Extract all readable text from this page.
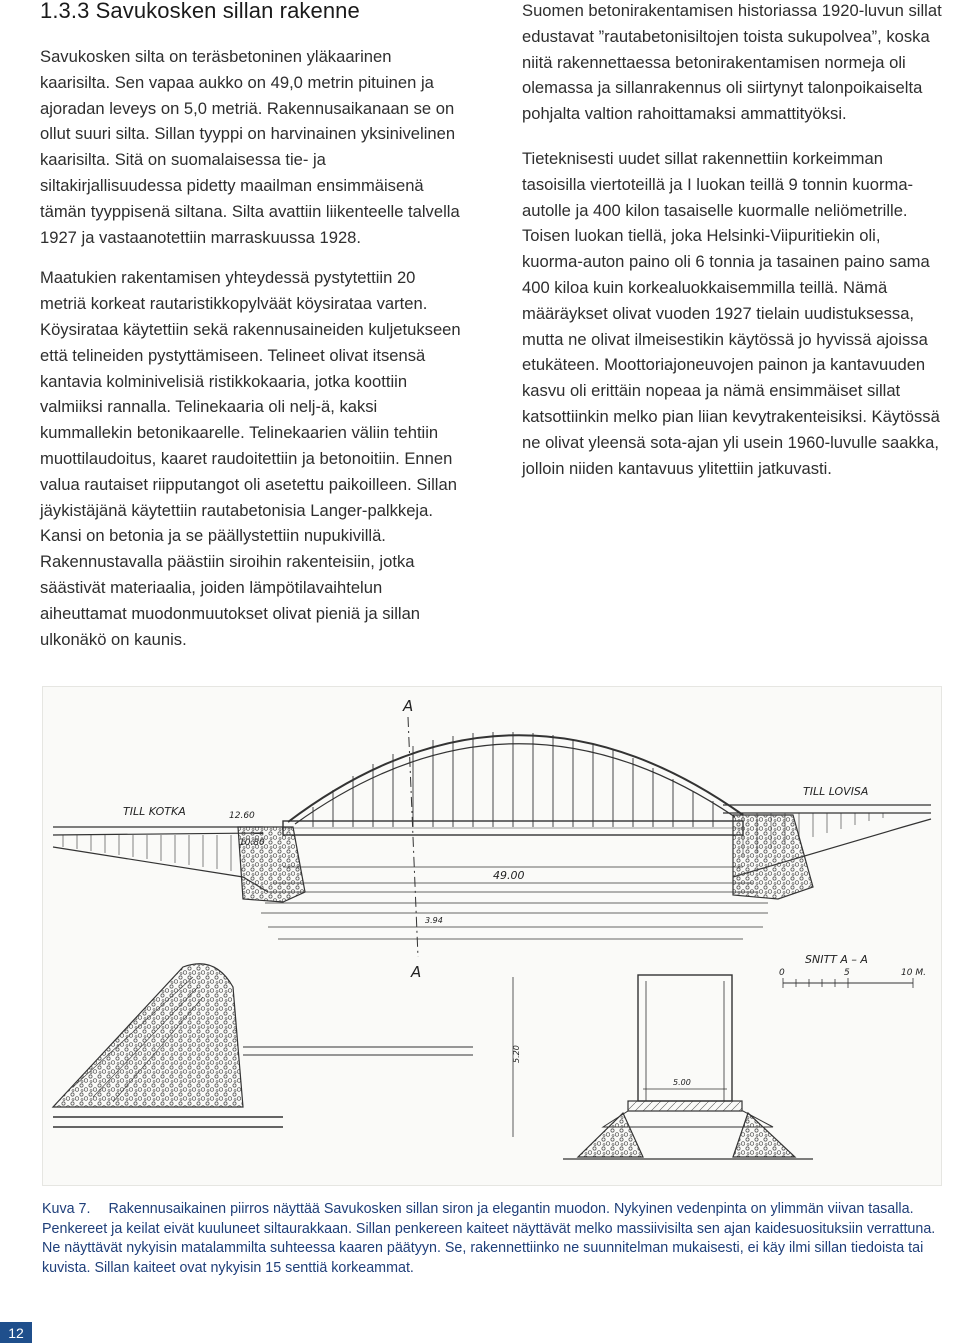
1.3.3 Savukosken sillan rakenne

Savukosken silta on teräsbetoninen yläkaarinen kaarisilta. Sen vapaa aukko on 49,0 metrin pituinen ja ajoradan leveys on 5,0 metriä. Rakennusaikanaan se on ollut suuri silta. Sillan tyyppi on harvinainen yksinivelinen kaarisilta. Sitä on suomalaisessa tie- ja siltakirjallisuudessa pidetty maailman ensimmäisenä tämän tyyppisenä siltana. Silta avattiin liikenteelle talvella 1927 ja vastaanotettiin marraskuussa 1928.

Maatukien rakentamisen yhteydessä pystytettiin 20 metriä korkeat rautaristikkopylväät köysirataa varten. Köysirataa käytettiin sekä rakennusaineiden kuljetukseen että telineiden pystyttämiseen. Telineet olivat itsensä kantavia kolminivelisiä ristikkokaaria, jotka koottiin valmiiksi rannalla. Telinekaaria oli nelj-ä, kaksi kummallekin betonikaarelle. Telinekaarien väliin tehtiin muottilaudoitus, kaaret raudoitettiin ja betonoitiin. Ennen valua rautaiset riipputangot oli asetettu paikoilleen. Sillan jäykistäjänä käytettiin rautabetonisia Langer-palkkeja. Kansi on betonia ja se päällystettiin nupukivillä. Rakennustavalla päästiin siroihin rakenteisiin, jotka säästivät materiaalia, joiden lämpötilavaihtelun aiheuttamat muodonmuutokset olivat pieniä ja sillan ulkonäkö on kaunis.

Suomen betonirakentamisen historiassa 1920-luvun sillat edustavat ”rautabetonisiltojen toista sukupolvea”, koska niitä rakennettaessa betonirakentamisen normeja oli olemassa ja sillanrakennus oli siirtynyt talonpoikaiselta pohjalta valtion rahoittamaksi ammattityöksi.

Tieteknisesti uudet sillat rakennettiin korkeimman tasoisilla viertoteillä ja I luokan teillä 9 tonnin kuorma-autolle ja 400 kilon tasaiselle kuormalle neliömetrille. Toisen luokan tiellä, joka Helsinki-Viipuritiekin oli, kuorma-auton paino oli 6 tonnia ja tasainen paino sama 400 kiloa kuin korkealuokkaisemmilla teillä. Nämä määräykset olivat vuoden 1927 tielain uudistuksessa, mutta ne olivat ilmeisestikin käytössä jo hyvissä ajoissa etukäteen. Moottoriajoneuvojen painon ja kantavuuden kasvu oli erittäin nopeaa ja nämä ensimmäiset sillat katsottiinkin melko pian liian kevytrakenteisiksi. Käytössä ne olivat yleensä sota-ajan yli usein 1960-luvulle saakka, jolloin niiden kantavuus ylitettiin jatkuvasti.

A
A
TILL KOTKA
TILL LOVISA
12.60
10.80
49.00
3.94
SNITT A – A
0	5	10 M.
5.00
5.20
Kuva 7. Rakennusaikainen piirros näyttää Savukosken sillan siron ja elegantin muodon. Nykyinen vedenpinta on ylimmän viivan tasalla. Penkereet ja keilat eivät kuuluneet siltaurakkaan. Sillan penkereen kaiteet näyttävät melko massiivisilta sen ajan kaidesuosituksiin verrattuna. Ne näyttävät nykyisin matalammilta suhteessa kaaren päätyyn. Se, rakennettiinko ne suunnitelman mukaisesti, ei käy ilmi sillan tiedoista tai kuvista. Sillan kaiteet ovat nykyisin 15 senttiä korkeammat.
12
